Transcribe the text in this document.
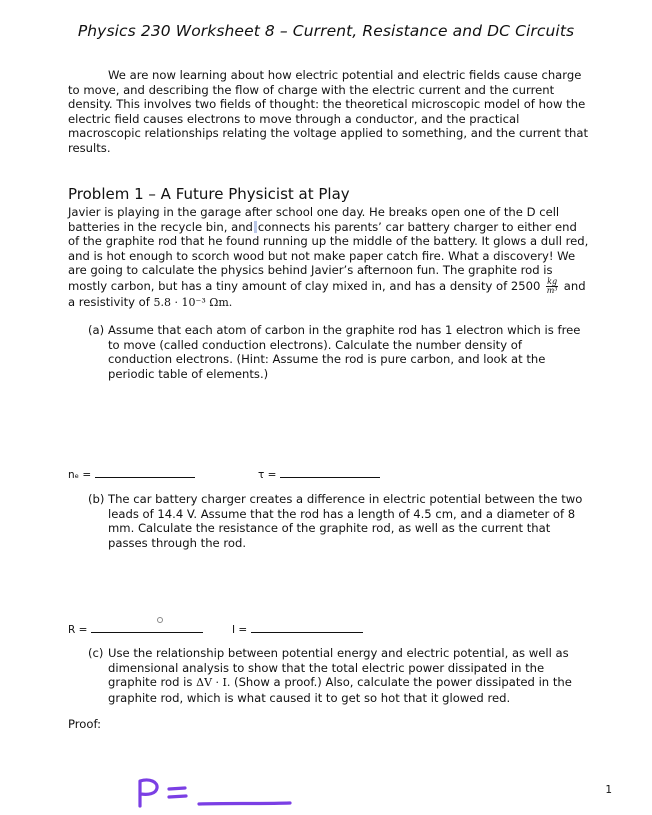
Physics 230 Worksheet 8 – Current, Resistance and DC Circuits
We are now learning about how electric potential and electric fields cause charge to move, and describing the flow of charge with the electric current and the current density. This involves two fields of thought: the theoretical microscopic model of how the electric field causes electrons to move through a conductor, and the practical macroscopic relationships relating the voltage applied to something, and the current that results.
Problem 1 – A Future Physicist at Play
Javier is playing in the garage after school one day. He breaks open one of the D cell batteries in the recycle bin, and connects his parents’ car battery charger to either end of the graphite rod that he found running up the middle of the battery. It glows a dull red, and is hot enough to scorch wood but not make paper catch fire. What a discovery! We are going to calculate the physics behind Javier’s afternoon fun. The graphite rod is mostly carbon, but has a tiny amount of clay mixed in, and has a density of $2500 \frac{kg}{\text{m³}}$ and a resistivity of 5.8 · 10⁻³ Ωm.
(a) Assume that each atom of carbon in the graphite rod has 1 electron which is free to move (called conduction electrons). Calculate the number density of conduction electrons. (Hint: Assume the rod is pure carbon, and look at the periodic table of elements.)
nₑ =	τ =
(b) The car battery charger creates a difference in electric potential between the two leads of 14.4 V. Assume that the rod has a length of 4.5 cm, and a diameter of 8 mm. Calculate the resistance of the graphite rod, as well as the current that passes through the rod.
R =	I =
(c) Use the relationship between potential energy and electric potential, as well as dimensional analysis to show that the total electric power dissipated in the graphite rod is ΔV · I. (Show a proof.) Also, calculate the power dissipated in the graphite rod, which is what caused it to get so hot that it glowed red.
Proof:
1
